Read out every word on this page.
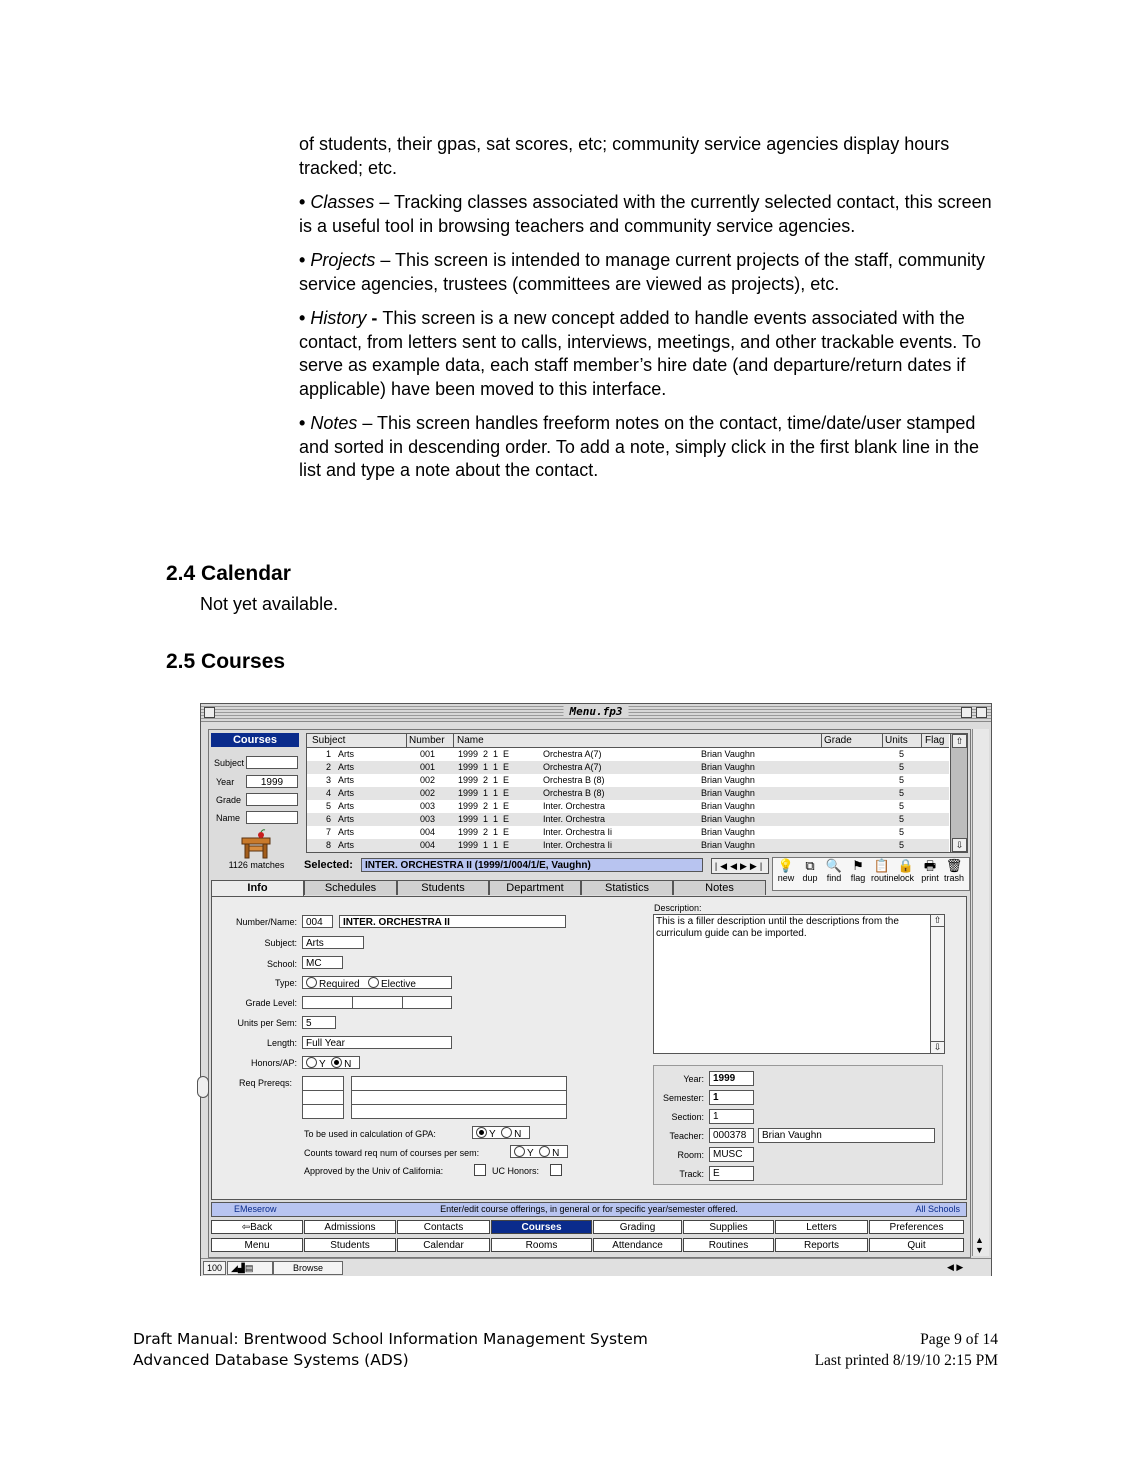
of students, their gpas, sat scores, etc; community service agencies display hours tracked; etc.

• Classes – Tracking classes associated with the currently selected contact, this screen is a useful tool in browsing teachers and community service agencies.

• Projects – This screen is intended to manage current projects of the staff, community service agencies, trustees (committees are viewed as projects), etc.

• History - This screen is a new concept added to handle events associated with the contact, from letters sent to calls, interviews, meetings, and other trackable events. To serve as example data, each staff member’s hire date (and departure/return dates if applicable) have been moved to this interface.

• Notes – This screen handles freeform notes on the contact, time/date/user stamped and sorted in descending order. To add a note, simply click in the first blank line in the list and type a note about the contact.

2.4 Calendar
Not yet available.
2.5 Courses
Menu.fp3
Courses
Subject
Year	1999
Grade
Name
1126 matches
Subject	Number Name	Grade	Units Flag
1 Arts	001	1999  2  1  E	Orchestra A(7)	Brian Vaughn	5
2 Arts	001	1999  1  1  E	Orchestra A(7)	Brian Vaughn	5
3 Arts	002	1999  2  1  E	Orchestra B (8)	Brian Vaughn	5
4 Arts	002	1999  1  1  E	Orchestra B (8)	Brian Vaughn	5
5 Arts	003	1999  2  1  E	Inter. Orchestra	Brian Vaughn	5
6 Arts	003	1999  1  1  E	Inter. Orchestra	Brian Vaughn	5
7 Arts	004	1999  2  1  E	Inter. Orchestra Ii	Brian Vaughn	5
8 Arts	004	1999  1  1  E	Inter. Orchestra Ii	Brian Vaughn	5
⇧
⇩
Selected:	INTER. ORCHESTRA II (1999/1/004/1/E, Vaughn)	|◀◀▶▶| 💡
new
⧉
dup
🔍
find
⚑
flag
📋
routine
🔒
lock
🖶
print
🗑
trash
Info	Schedules	Students	Department	Statistics	Notes
Number/Name: 004	INTER. ORCHESTRA II
Subject: Arts
School: MC
Type:	Required Elective
Grade Level:
Units per Sem: 5
Length: Full Year
Honors/AP:	Y N
Req Prereqs:
To be used in calculation of GPA:	Y N
Counts toward req num of courses per sem:	Y N
Approved by the Univ of California:	UC Honors:
Description:
This is a filler description until the descriptions from the curriculum guide can be imported.
⇧
⇩
Year: 1999
Semester: 1
Section: 1
Teacher: 000378	Brian Vaughn
Room: MUSC
Track: E
EMeserow	Enter/edit course offerings, in general or for specific year/semester offered.	All Schools
⇦Back	Admissions	Contacts	Courses	Grading	Supplies	Letters	Preferences
Menu	Students	Calendar	Rooms	Attendance	Routines	Reports	Quit	▲
▼
100 ◢▟▤	Browse	◀ ▶
Draft Manual: Brentwood School Information Management System
Advanced Database Systems (ADS)
Page 9 of 14
Last printed 8/19/10 2:15 PM
